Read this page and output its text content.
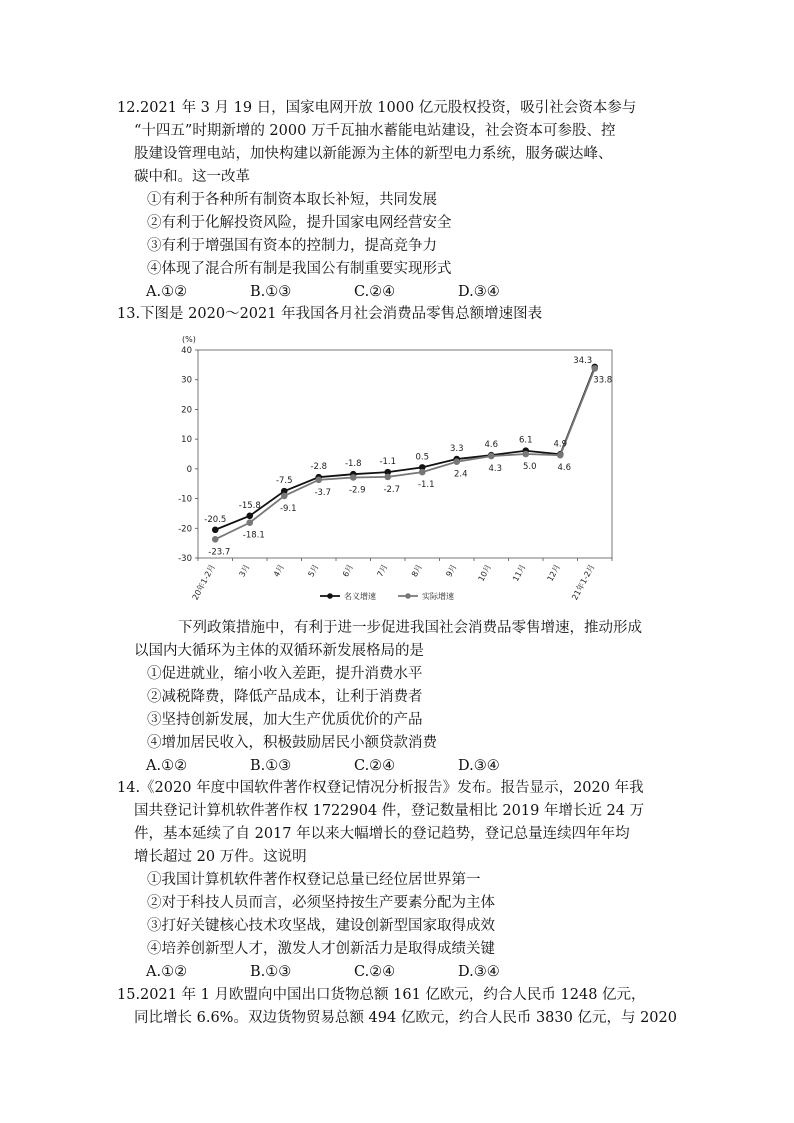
12.2021 年 3 月 19 日，国家电网开放 1000 亿元股权投资，吸引社会资本参与
“十四五”时期新增的 2000 万千瓦抽水蓄能电站建设，社会资本可参股、控
股建设管理电站，加快构建以新能源为主体的新型电力系统，服务碳达峰、
碳中和。这一改革
①有利于各种所有制资本取长补短，共同发展
②有利于化解投资风险，提升国家电网经营安全
③有利于增强国有资本的控制力，提高竞争力
④体现了混合所有制是我国公有制重要实现形式
A.①②	B.①③	C.②④	D.③④
13.下图是 2020～2021 年我国各月社会消费品零售总额增速图表
(%)
-30
-20
-10
0
10
20
30
40
20年1-2月	3月	4月	5月	6月	7月	8月	9月 10月 11月 12月 21年1-2月
-20.5
-15.8
-7.5
-2.8 -1.8 -1.1 0.5
3.3 4.6 6.1 4.9
34.3
-23.7
-18.1
-9.1
-3.7 -2.9 -2.7 -1.1
2.4
4.3 5.0 4.6
33.8
名义增速	实际增速
下列政策措施中，有利于进一步促进我国社会消费品零售增速，推动形成
以国内大循环为主体的双循环新发展格局的是
①促进就业，缩小收入差距，提升消费水平
②减税降费，降低产品成本，让利于消费者
③坚持创新发展，加大生产优质优价的产品
④增加居民收入，积极鼓励居民小额贷款消费
A.①②	B.①③	C.②④	D.③④
14.《2020 年度中国软件著作权登记情况分析报告》发布。报告显示，2020 年我
国共登记计算机软件著作权 1722904 件，登记数量相比 2019 年增长近 24 万
件，基本延续了自 2017 年以来大幅增长的登记趋势，登记总量连续四年年均
增长超过 20 万件。这说明
①我国计算机软件著作权登记总量已经位居世界第一
②对于科技人员而言，必须坚持按生产要素分配为主体
③打好关键核心技术攻坚战，建设创新型国家取得成效
④培养创新型人才，激发人才创新活力是取得成绩关键
A.①②	B.①③	C.②④	D.③④
15.2021 年 1 月欧盟向中国出口货物总额 161 亿欧元，约合人民币 1248 亿元，
同比增长 6.6%。双边货物贸易总额 494 亿欧元，约合人民币 3830 亿元，与 2020
